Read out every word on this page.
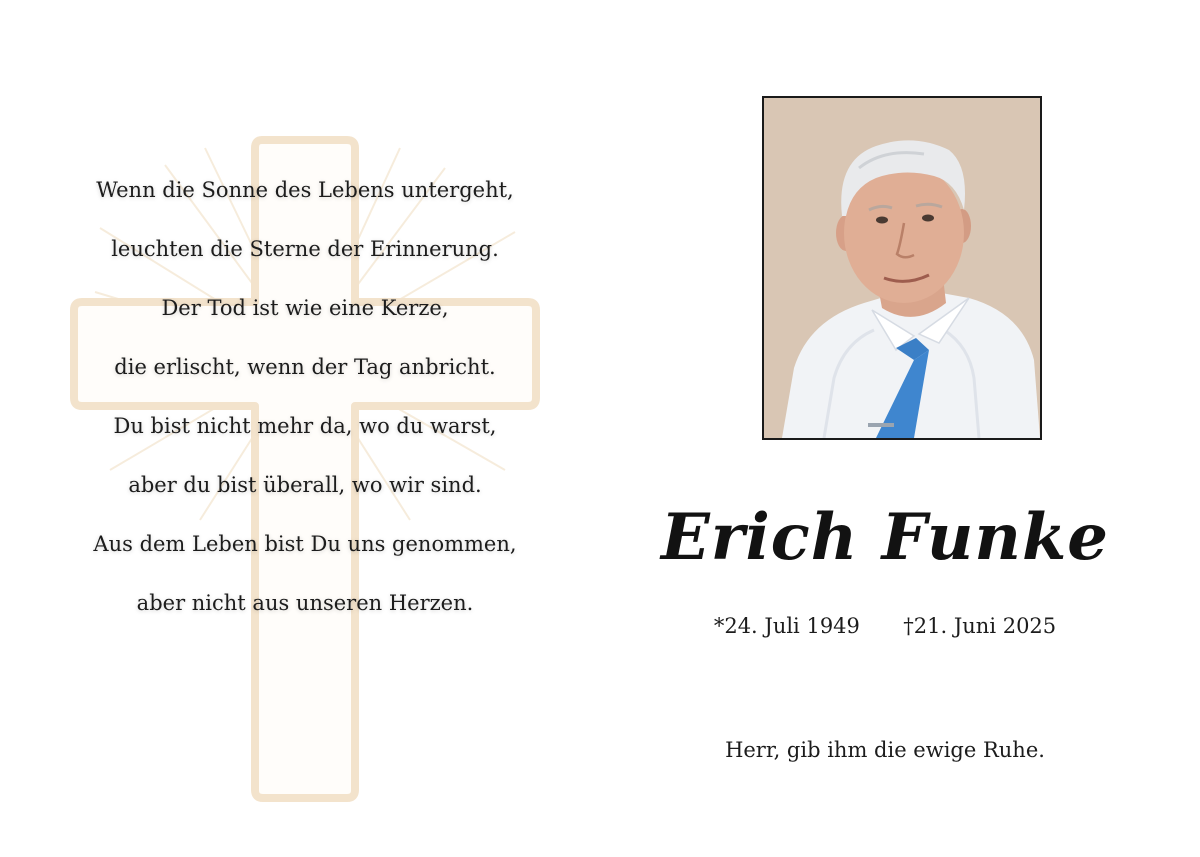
Wenn die Sonne des Lebens untergeht,

leuchten die Sterne der Erinnerung.

Der Tod ist wie eine Kerze,

die erlischt, wenn der Tag anbricht.

Du bist nicht mehr da, wo du warst,

aber du bist überall, wo wir sind.

Aus dem Leben bist Du uns genommen,

aber nicht aus unseren Herzen.

Erich Funke
*24. Juli 1949 †21. Juni 2025
Herr, gib ihm die ewige Ruhe.
